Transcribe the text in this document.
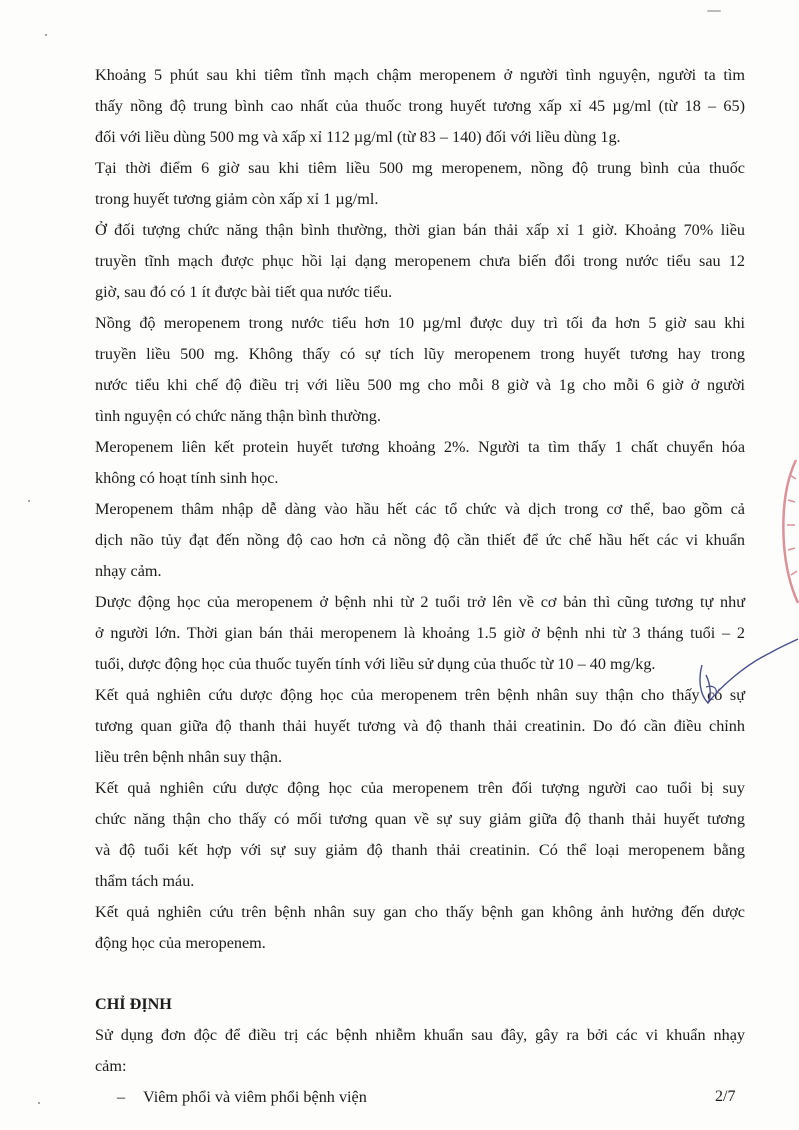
Khoảng 5 phút sau khi tiêm tĩnh mạch chậm meropenem ở người tình nguyện, người ta tìm
thấy nồng độ trung bình cao nhất của thuốc trong huyết tương xấp xỉ 45 µg/ml (từ 18 – 65)
đối với liều dùng 500 mg và xấp xỉ 112 µg/ml (từ 83 – 140) đối với liều dùng 1g.

Tại thời điểm 6 giờ sau khi tiêm liều 500 mg meropenem, nồng độ trung bình của thuốc
trong huyết tương giảm còn xấp xỉ 1 µg/ml.

Ở đối tượng chức năng thận bình thường, thời gian bán thải xấp xỉ 1 giờ. Khoảng 70% liều
truyền tĩnh mạch được phục hồi lại dạng meropenem chưa biến đổi trong nước tiểu sau 12
giờ, sau đó có 1 ít được bài tiết qua nước tiểu.

Nồng độ meropenem trong nước tiểu hơn 10 µg/ml được duy trì tối đa hơn 5 giờ sau khi
truyền liều 500 mg. Không thấy có sự tích lũy meropenem trong huyết tương hay trong
nước tiểu khi chế độ điều trị với liều 500 mg cho mỗi 8 giờ và 1g cho mỗi 6 giờ ở người
tình nguyện có chức năng thận bình thường.

Meropenem liên kết protein huyết tương khoảng 2%. Người ta tìm thấy 1 chất chuyển hóa
không có hoạt tính sinh học.

Meropenem thâm nhập dễ dàng vào hầu hết các tổ chức và dịch trong cơ thể, bao gồm cả
dịch não tủy đạt đến nồng độ cao hơn cả nồng độ cần thiết để ức chế hầu hết các vi khuẩn
nhạy cảm.

Dược động học của meropenem ở bệnh nhi từ 2 tuổi trở lên về cơ bản thì cũng tương tự như
ở người lớn. Thời gian bán thải meropenem là khoảng 1.5 giờ ở bệnh nhi từ 3 tháng tuổi – 2
tuổi, dược động học của thuốc tuyến tính với liều sử dụng của thuốc từ 10 – 40 mg/kg.

Kết quả nghiên cứu dược động học của meropenem trên bệnh nhân suy thận cho thấy có sự
tương quan giữa độ thanh thải huyết tương và độ thanh thải creatinin. Do đó cần điều chỉnh
liều trên bệnh nhân suy thận.

Kết quả nghiên cứu dược động học của meropenem trên đối tượng người cao tuổi bị suy
chức năng thận cho thấy có mối tương quan về sự suy giảm giữa độ thanh thải huyết tương
và độ tuổi kết hợp với sự suy giảm độ thanh thải creatinin. Có thể loại meropenem bằng
thẩm tách máu.

Kết quả nghiên cứu trên bệnh nhân suy gan cho thấy bệnh gan không ảnh hưởng đến dược
động học của meropenem.

CHỈ ĐỊNH

Sử dụng đơn độc để điều trị các bệnh nhiễm khuẩn sau đây, gây ra bởi các vi khuẩn nhạy
cảm:

– Viêm phổi và viêm phổi bệnh viện	2/7
